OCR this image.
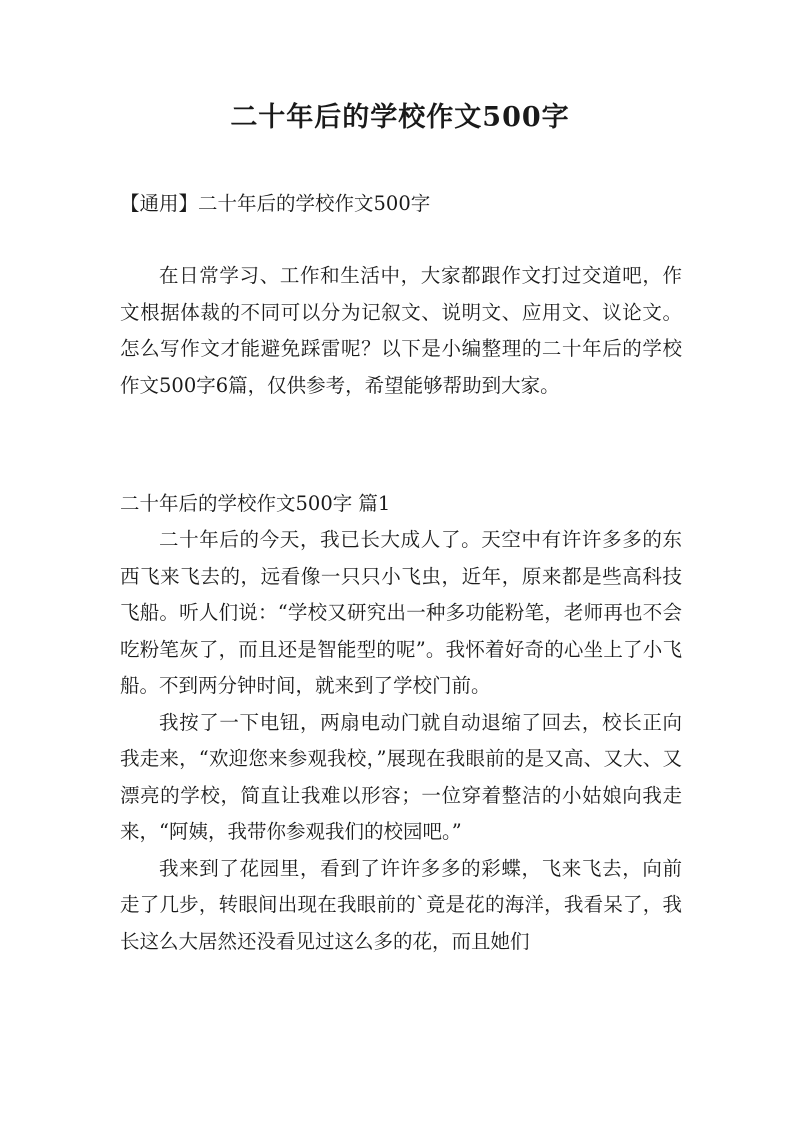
二十年后的学校作文500字
【通用】二十年后的学校作文500字

在日常学习、工作和生活中，大家都跟作文打过交道吧，作文根据体裁的不同可以分为记叙文、说明文、应用文、议论文。怎么写作文才能避免踩雷呢？以下是小编整理的二十年后的学校作文500字6篇，仅供参考，希望能够帮助到大家。

二十年后的学校作文500字 篇1

二十年后的今天，我已长大成人了。天空中有许许多多的东西飞来飞去的，远看像一只只小飞虫，近年，原来都是些高科技飞船。听人们说：“学校又研究出一种多功能粉笔，老师再也不会吃粉笔灰了，而且还是智能型的呢”。我怀着好奇的心坐上了小飞船。不到两分钟时间，就来到了学校门前。

我按了一下电钮，两扇电动门就自动退缩了回去，校长正向我走来，“欢迎您来参观我校，”展现在我眼前的是又高、又大、又漂亮的学校，简直让我难以形容；一位穿着整洁的小姑娘向我走来，“阿姨，我带你参观我们的校园吧。”

我来到了花园里，看到了许许多多的彩蝶，飞来飞去，向前走了几步，转眼间出现在我眼前的`竟是花的海洋，我看呆了，我长这么大居然还没看见过这么多的花，而且她们
